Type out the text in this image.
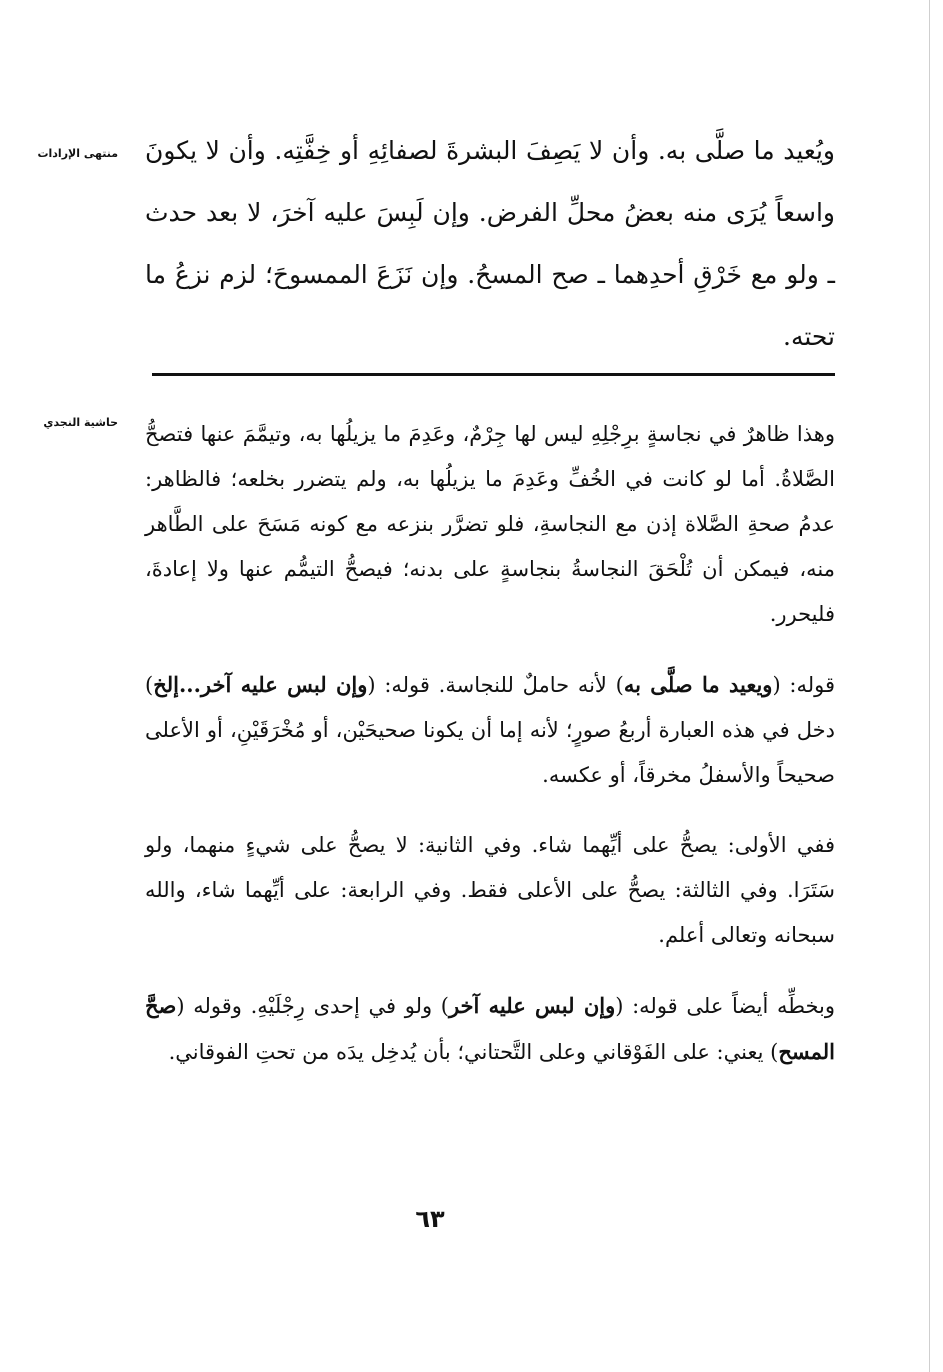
منتهى الإرادات ويُعيد ما صلَّى به. وأن لا يَصِفَ البشرةَ لصفائِهِ أو خِفَّتِه. وأن لا يكونَ واسعاً يُرَى منه بعضُ محلِّ الفرض. وإن لَبِسَ عليه آخرَ، لا بعد حدث ـ ولو مع خَرْقِ أحدِهما ـ صح المسحُ. وإن نَزَعَ الممسوحَ؛ لزم نزعُ ما تحته.

حاشية النجدي وهذا ظاهرٌ في نجاسةٍ برِجْلِهِ ليس لها جِرْمٌ، وعَدِمَ ما يزيلُها به، وتيمَّمَ عنها فتصحُّ الصَّلاةُ. أما لو كانت في الخُفِّ وعَدِمَ ما يزيلُها به، ولم يتضرر بخلعه؛ فالظاهر: عدمُ صحةِ الصَّلاة إذن مع النجاسةِ، فلو تضرَّر بنزعه مع كونه مَسَحَ على الطَّاهر منه، فيمكن أن تُلْحَقَ النجاسةُ بنجاسةٍ على بدنه؛ فيصحُّ التيمُّم عنها ولا إعادةَ، فليحرر.

قوله: (ويعيد ما صلَّى به) لأنه حاملٌ للنجاسة. قوله: (وإن لبس عليه آخر...إلخ) دخل في هذه العبارة أربعُ صورٍ؛ لأنه إما أن يكونا صحيحَيْن، أو مُخْرَقَيْنِ، أو الأعلى صحيحاً والأسفلُ مخرقاً، أو عكسه.

ففي الأولى: يصحُّ على أيِّهما شاء. وفي الثانية: لا يصحُّ على شيءٍ منهما، ولو سَتَرَا. وفي الثالثة: يصحُّ على الأعلى فقط. وفي الرابعة: على أيِّهما شاء، والله سبحانه وتعالى أعلم.

وبخطِّه أيضاً على قوله: (وإن لبس عليه آخر) ولو في إحدى رِجْلَيْهِ. وقوله (صحَّ المسح) يعني: على الفَوْقاني وعلى التَّحتاني؛ بأن يُدخِل يدَه من تحتِ الفوقاني.

٦٣
